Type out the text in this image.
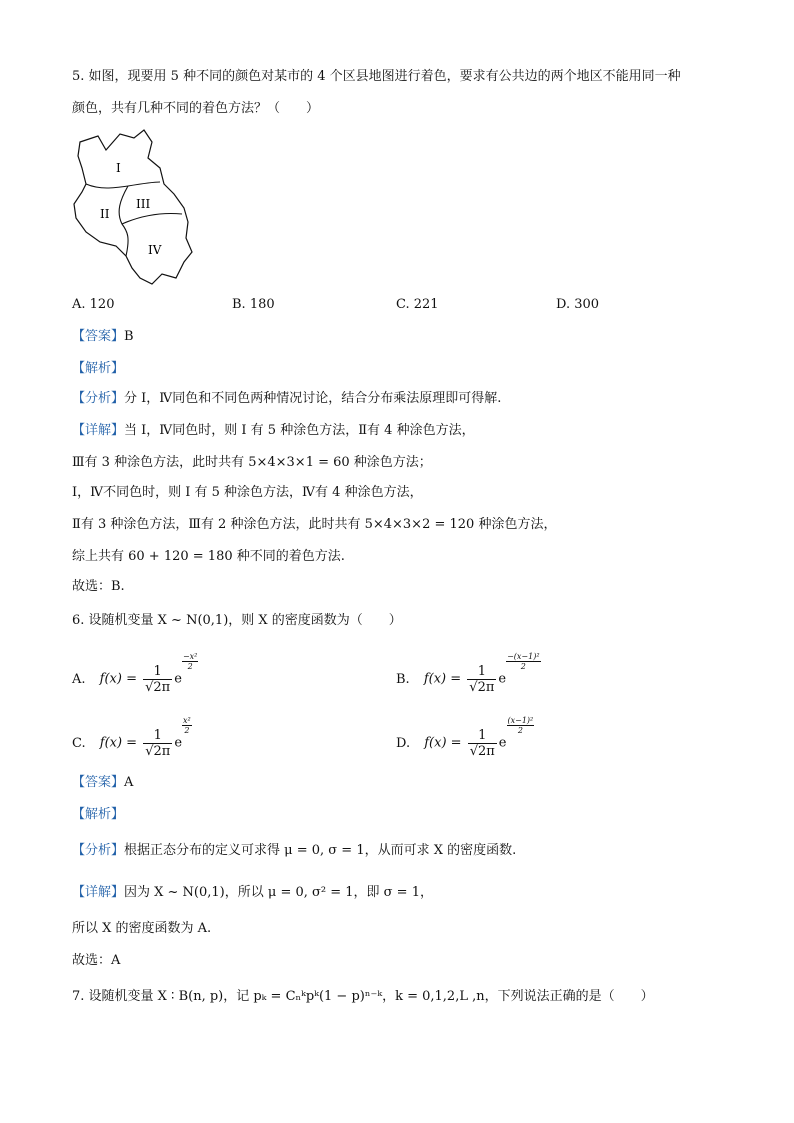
5. 如图，现要用 5 种不同的颜色对某市的 4 个区县地图进行着色，要求有公共边的两个地区不能用同一种
颜色，共有几种不同的着色方法？（　　）
I
II
III
IV
A. 120	B. 180	C. 221	D. 300
【答案】B
【解析】
【分析】分 I，Ⅳ同色和不同色两种情况讨论，结合分布乘法原理即可得解.
【详解】当 I，Ⅳ同色时，则 I 有 5 种涂色方法，Ⅱ有 4 种涂色方法，
Ⅲ有 3 种涂色方法，此时共有 5×4×3×1 = 60 种涂色方法；
I，Ⅳ不同色时，则 I 有 5 种涂色方法，Ⅳ有 4 种涂色方法，
Ⅱ有 3 种涂色方法，Ⅲ有 2 种涂色方法，此时共有 5×4×3×2 = 120 种涂色方法，
综上共有 60 + 120 = 180 种不同的着色方法.
故选：B.
6. 设随机变量 X ~ N(0,1)，则 X 的密度函数为（　　）
A. $f(x) = \frac{1}{√2\pi}$ e
$\frac{\text{−x²}}{2}$
B. $f(x) = \frac{1}{√2\pi}$ e
$\frac{\text{−(x−1)²}}{2}$
C. $f(x) = \frac{1}{√2\pi}$ e
$\frac{\text{x²}}{2}$
D. $f(x) = \frac{1}{√2\pi}$ e
$\frac{\text{(x−1)²}}{2}$
【答案】A
【解析】
【分析】根据正态分布的定义可求得 μ = 0, σ = 1，从而可求 X 的密度函数.
【详解】因为 X ~ N(0,1)，所以 μ = 0, σ² = 1，即 σ = 1，
所以 X 的密度函数为 A.
故选：A
7. 设随机变量 X ∶ B(n, p)，记 pₖ = Cₙᵏpᵏ(1 − p)ⁿ⁻ᵏ，k = 0,1,2,L ,n，下列说法正确的是（　　）
